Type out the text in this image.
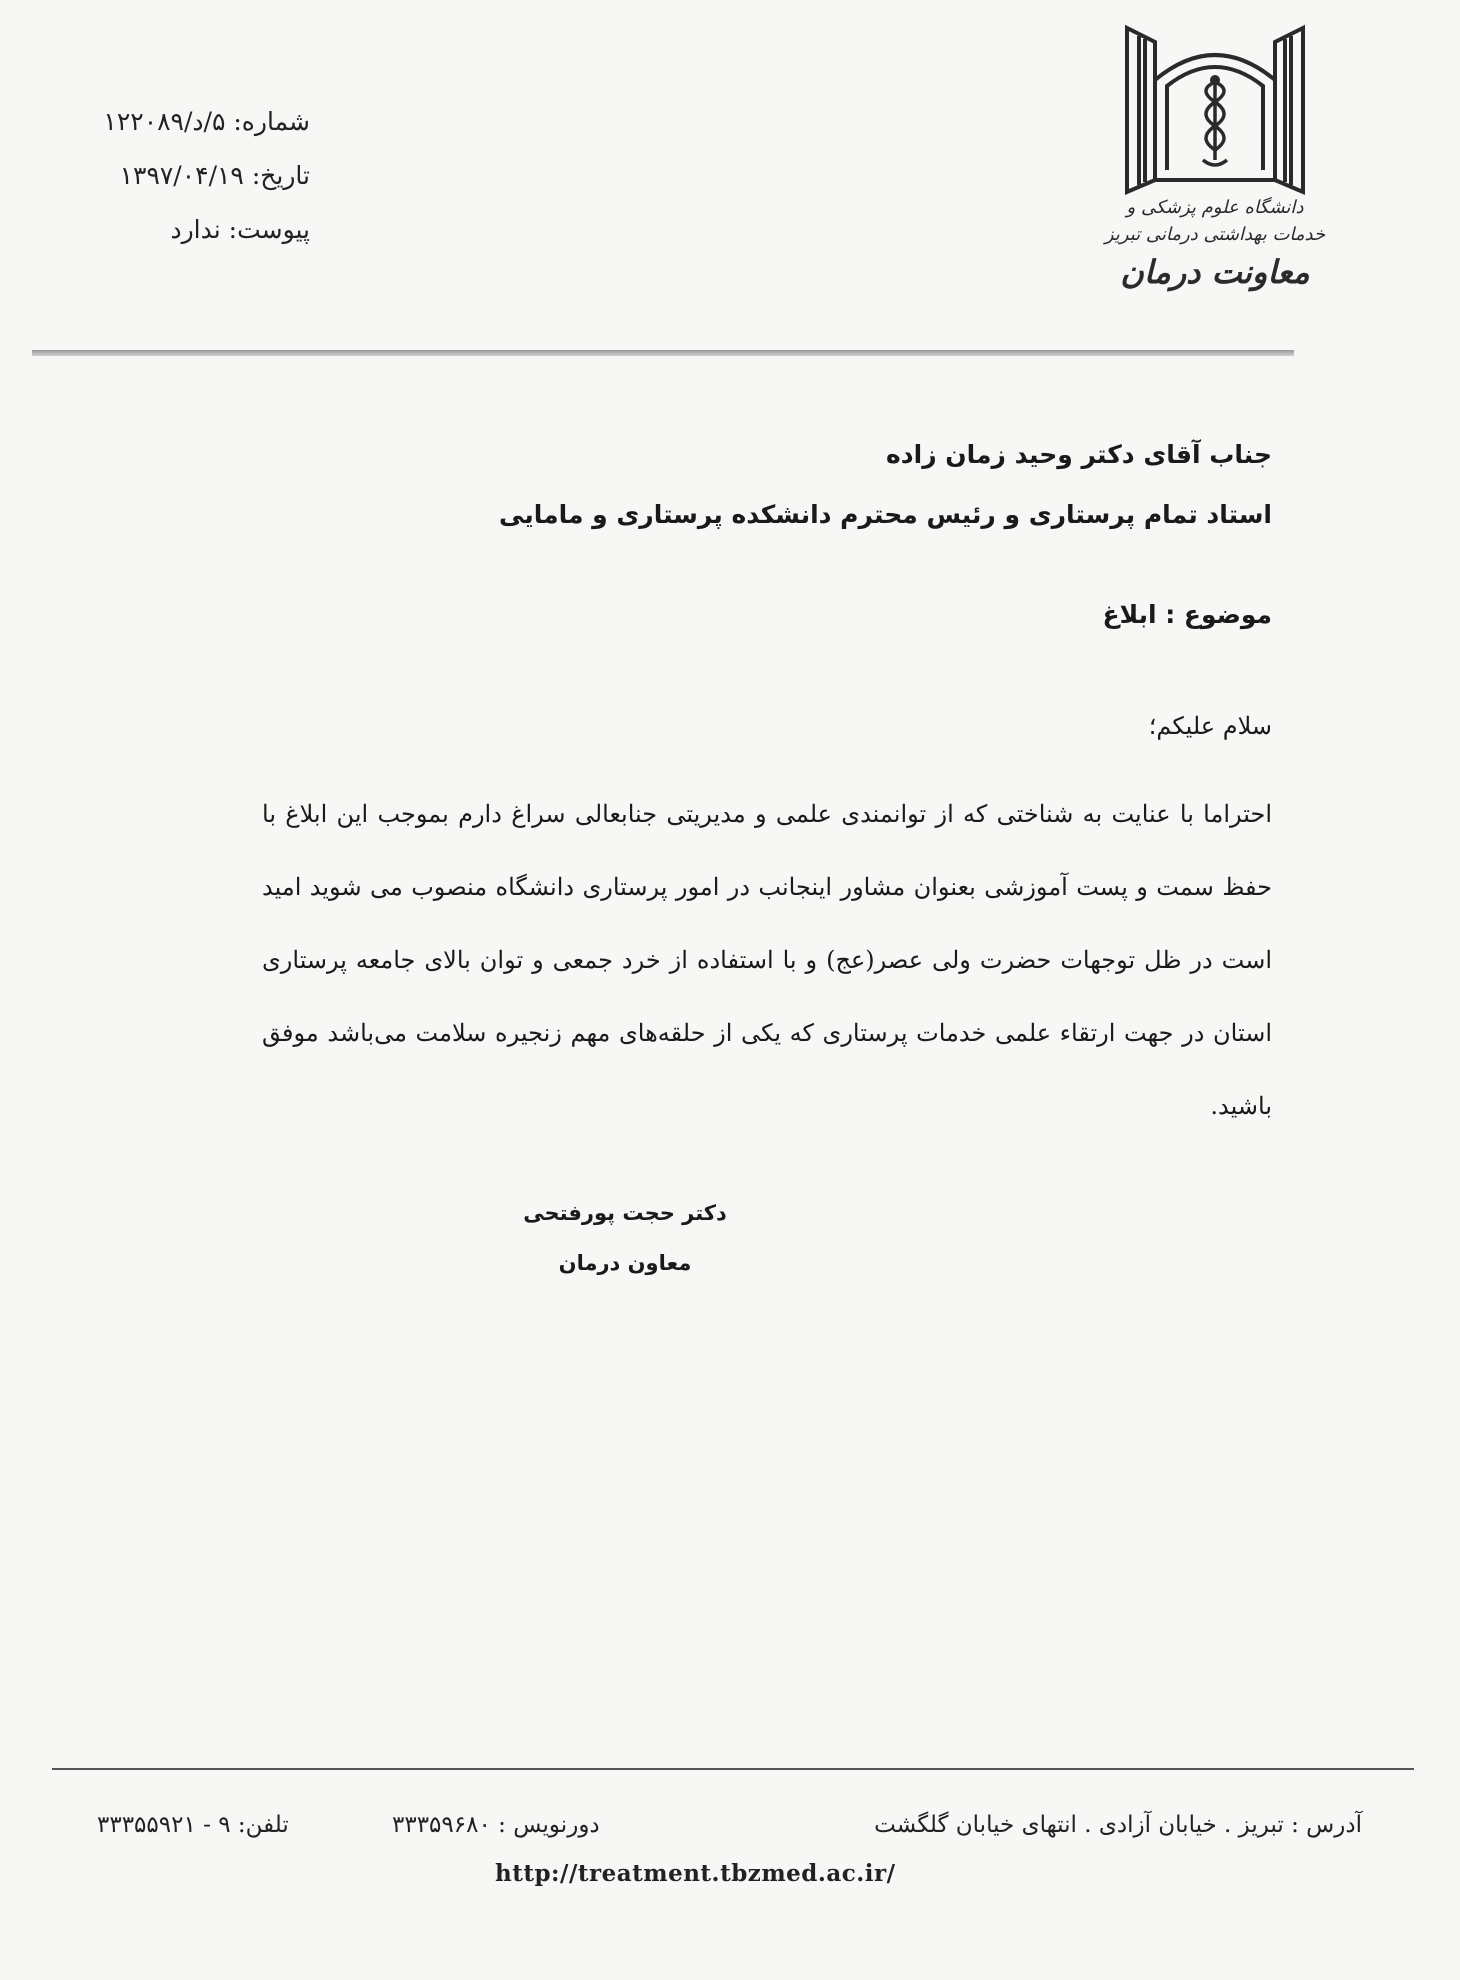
شماره: ۵/د/۱۲۲۰۸۹
تاریخ: ۱۳۹۷/۰۴/۱۹
پیوست: ندارد
دانشگاه علوم پزشکی و
خدمات بهداشتی درمانی تبریز
معاونت درمان
جناب آقای دکتر وحید زمان زاده
استاد تمام پرستاری و رئیس محترم دانشکده پرستاری و مامایی
موضوع : ابلاغ
سلام علیکم؛
احتراما با عنایت به شناختی که از توانمندی علمی و مدیریتی جنابعالی سراغ دارم بموجب این ابلاغ با حفظ سمت و پست آموزشی بعنوان مشاور اینجانب در امور پرستاری دانشگاه منصوب می شوید امید است در ظل توجهات حضرت ولی عصر(عج) و با استفاده از خرد جمعی و توان بالای جامعه پرستاری استان در جهت ارتقاء علمی خدمات پرستاری که یکی از حلقه‌های مهم زنجیره سلامت می‌باشد موفق باشید.
دکتر حجت پورفتحی
معاون درمان
آدرس : تبریز . خیابان آزادی . انتهای خیابان گلگشت
دورنویس : ۳۳۳۵۹۶۸۰
تلفن: ۹ - ۳۳۳۵۵۹۲۱
http://treatment.tbzmed.ac.ir/
